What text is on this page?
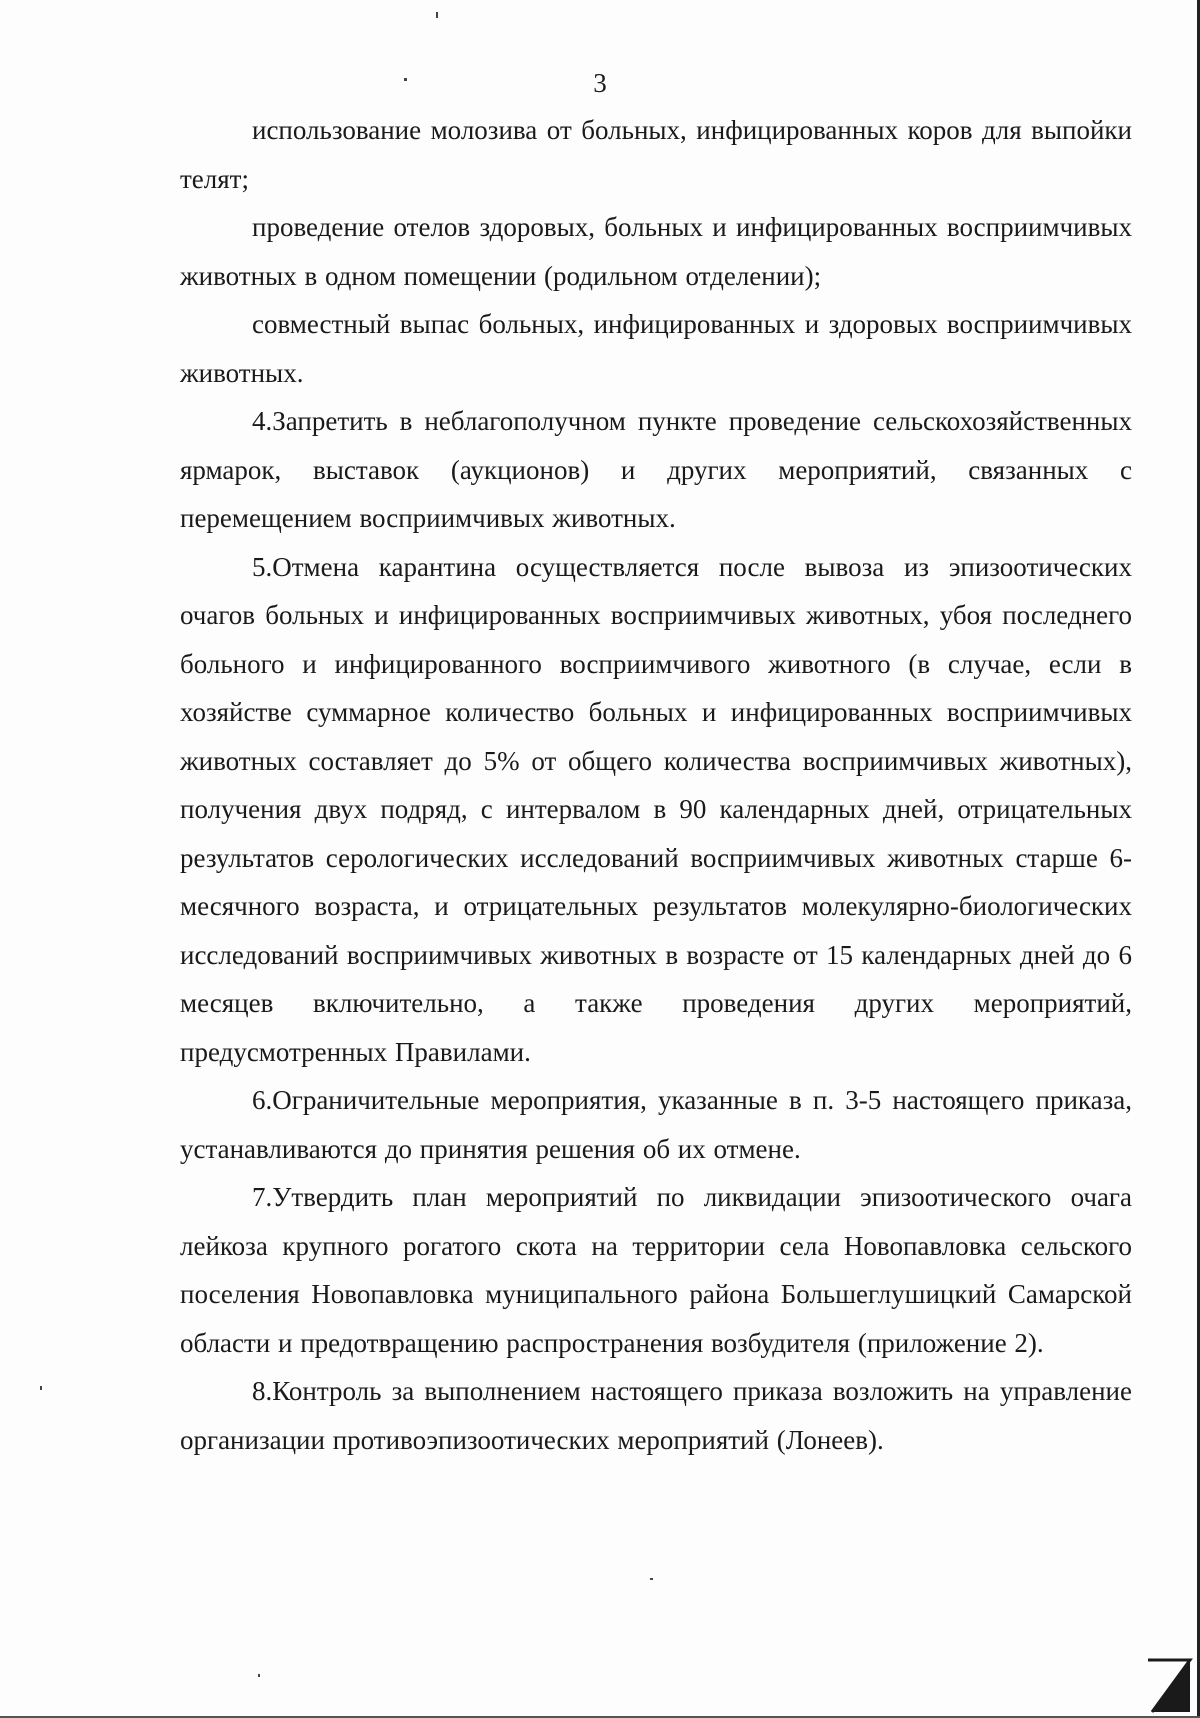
3

использование молозива от больных, инфицированных коров для выпойки телят;

проведение отелов здоровых, больных и инфицированных восприимчивых животных в одном помещении (родильном отделении);

совместный выпас больных, инфицированных и здоровых восприимчивых животных.

4.Запретить в неблагополучном пункте проведение сельскохозяйственных ярмарок, выставок (аукционов) и других мероприятий, связанных с перемещением восприимчивых животных.

5.Отмена карантина осуществляется после вывоза из эпизоотических очагов больных и инфицированных восприимчивых животных, убоя последнего больного и инфицированного восприимчивого животного (в случае, если в хозяйстве суммарное количество больных и инфицированных восприимчивых животных составляет до 5% от общего количества восприимчивых животных), получения двух подряд, с интервалом в 90 календарных дней, отрицательных результатов серологических исследований восприимчивых животных старше 6-месячного возраста, и отрицательных результатов молекулярно-биологических исследований восприимчивых животных в возрасте от 15 календарных дней до 6 месяцев включительно, а также проведения других мероприятий, предусмотренных Правилами.

6.Ограничительные мероприятия, указанные в п. 3-5 настоящего приказа, устанавливаются до принятия решения об их отмене.

7.Утвердить план мероприятий по ликвидации эпизоотического очага лейкоза крупного рогатого скота на территории села Новопавловка сельского поселения Новопавловка муниципального района Большеглушицкий Самарской области и предотвращению распространения возбудителя (приложение 2).

8.Контроль за выполнением настоящего приказа возложить на управление организации противоэпизоотических мероприятий (Лонеев).
